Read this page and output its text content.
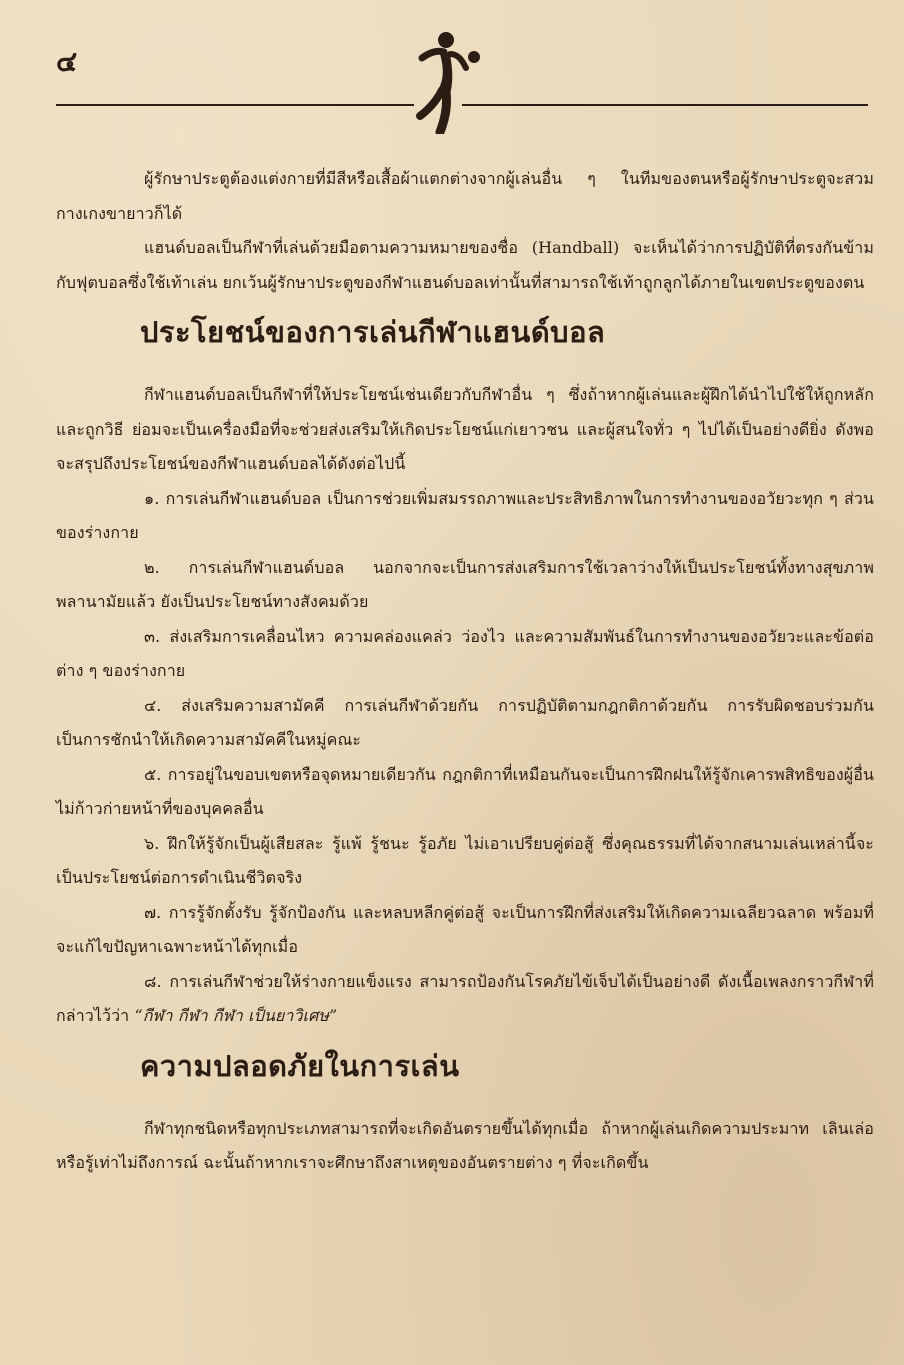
๔

ผู้รักษาประตูต้องแต่งกายที่มีสีหรือเสื้อผ้าแตกต่างจากผู้เล่นอื่น ๆ ในทีมของตนหรือผู้รักษาประตูจะสวมกางเกงขายาวก็ได้

แฮนด์บอลเป็นกีฬาที่เล่นด้วยมือตามความหมายของชื่อ (Handball) จะเห็นได้ว่าการปฏิบัติที่ตรงกันข้ามกับฟุตบอลซึ่งใช้เท้าเล่น ยกเว้นผู้รักษาประตูของกีฬาแฮนด์บอลเท่านั้นที่สามารถใช้เท้าถูกลูกได้ภายในเขตประตูของตน

ประโยชน์ของการเล่นกีฬาแฮนด์บอล

กีฬาแฮนด์บอลเป็นกีฬาที่ให้ประโยชน์เช่นเดียวกับกีฬาอื่น ๆ ซึ่งถ้าหากผู้เล่นและผู้ฝึกได้นำไปใช้ให้ถูกหลักและถูกวิธี ย่อมจะเป็นเครื่องมือที่จะช่วยส่งเสริมให้เกิดประโยชน์แก่เยาวชน และผู้สนใจทั่ว ๆ ไปได้เป็นอย่างดียิ่ง ดังพอจะสรุปถึงประโยชน์ของกีฬาแฮนด์บอลได้ดังต่อไปนี้

๑. การเล่นกีฬาแฮนด์บอล เป็นการช่วยเพิ่มสมรรถภาพและประสิทธิภาพในการทำงานของอวัยวะทุก ๆ ส่วนของร่างกาย

๒. การเล่นกีฬาแฮนด์บอล นอกจากจะเป็นการส่งเสริมการใช้เวลาว่างให้เป็นประโยชน์ทั้งทางสุขภาพพลานามัยแล้ว ยังเป็นประโยชน์ทางสังคมด้วย

๓. ส่งเสริมการเคลื่อนไหว ความคล่องแคล่ว ว่องไว และความสัมพันธ์ในการทำงานของอวัยวะและข้อต่อต่าง ๆ ของร่างกาย

๔. ส่งเสริมความสามัคคี การเล่นกีฬาด้วยกัน การปฏิบัติตามกฎกติกาด้วยกัน การรับผิดชอบร่วมกัน เป็นการชักนำให้เกิดความสามัคคีในหมู่คณะ

๕. การอยู่ในขอบเขตหรือจุดหมายเดียวกัน กฎกติกาที่เหมือนกันจะเป็นการฝึกฝนให้รู้จักเคารพสิทธิของผู้อื่น ไม่ก้าวก่ายหน้าที่ของบุคคลอื่น

๖. ฝึกให้รู้จักเป็นผู้เสียสละ รู้แพ้ รู้ชนะ รู้อภัย ไม่เอาเปรียบคู่ต่อสู้ ซึ่งคุณธรรมที่ได้จากสนามเล่นเหล่านี้จะเป็นประโยชน์ต่อการดำเนินชีวิตจริง

๗. การรู้จักตั้งรับ รู้จักป้องกัน และหลบหลีกคู่ต่อสู้ จะเป็นการฝึกที่ส่งเสริมให้เกิดความเฉลียวฉลาด พร้อมที่จะแก้ไขปัญหาเฉพาะหน้าได้ทุกเมื่อ

๘. การเล่นกีฬาช่วยให้ร่างกายแข็งแรง สามารถป้องกันโรคภัยไข้เจ็บได้เป็นอย่างดี ดังเนื้อเพลงกราวกีฬาที่กล่าวไว้ว่า “กีฬา กีฬา กีฬา เป็นยาวิเศษ”

ความปลอดภัยในการเล่น

กีฬาทุกชนิดหรือทุกประเภทสามารถที่จะเกิดอันตรายขึ้นได้ทุกเมื่อ ถ้าหากผู้เล่นเกิดความประมาท เลินเล่อ หรือรู้เท่าไม่ถึงการณ์ ฉะนั้นถ้าหากเราจะศึกษาถึงสาเหตุของอันตรายต่าง ๆ ที่จะเกิดขึ้น
